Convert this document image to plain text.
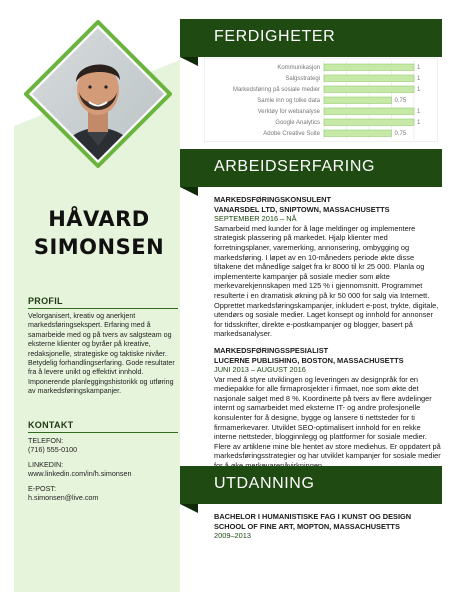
HÅVARD
SIMONSEN
PROFIL
Velorganisert, kreativ og anerkjent markedsføringsekspert. Erfaring med å samarbeide med og på tvers av salgsteam og eksterne klienter og byråer på kreative, redaksjonelle, strategiske og taktiske nivåer. Betydelig forhandlingserfaring. Gode resultater fra å levere unikt og effektivt innhold. Imponerende planleggingshistorikk og utføring av markedsføringskampanjer.
KONTAKT
TELEFON:
(716) 555-0100
LINKEDIN:
www.linkedin.com/in/h.simonsen
E-POST:
h.simonsen@live.com
FERDIGHETER
Kommunikasjon	1
Salgsstrategi	1
Markedsføring på sosiale medier	1
Samle inn og tolke data	0.75
Verktøy for webanalyse	1
Google Analytics	1
Adobe Creative Suite	0.75
ARBEIDSERFARING
MARKEDSFØRINGSKONSULENT
VANARSDEL LTD, SNIPTOWN, MASSACHUSETTS
SEPTEMBER 2016 – NÅ
Samarbeid med kunder for å lage meldinger og implementere strategisk plassering på markedet. Hjalp klienter med forretningsplaner, varemerking, annonsering, ombygging og markedsføring. I løpet av en 10-måneders periode økte disse tiltakene det månedlige salget fra kr 8000 til kr 25 000. Planla og implementerte kampanjer på sosiale medier som økte merkevarekjennskapen med 125 % i gjennomsnitt. Programmet resulterte i en dramatisk økning på kr 50 000 for salg via Internett. Opprettet markedsføringskampanjer, inkludert e-post, trykte, digitale, utendørs og sosiale medier. Laget konsept og innhold for annonser for tidsskrifter, direkte e-postkampanjer og blogger, basert på markedsanalyser.
MARKEDSFØRINGSSPESIALIST
LUCERNE PUBLISHING, BOSTON, MASSACHUSETTS
JUNI 2013 – AUGUST 2016
Var med å styre utviklingen og leveringen av designpråk for en mediepakke for alle firmaprosjekter i firmaet, noe som økte det nasjonale salget med 8 %. Koordinerte på tvers av flere avdelinger internt og samarbeidet med eksterne IT- og andre profesjonelle konsulenter for å designe, bygge og lansere ti nettsteder for ti firmamerkevarer. Utviklet SEO-optimalisert innhold for en rekke interne nettsteder, blogginnlegg og plattformer for sosiale medier. Flere av artiklene mine ble hentet av store mediehus. Er oppdatert på markedsføringsstrategier og har utviklet kampanjer for sosiale medier
UTDANNING
BACHELOR I HUMANISTISKE FAG I KUNST OG DESIGN
SCHOOL OF FINE ART, MOPTON, MASSACHUSETTS
2009–2013
